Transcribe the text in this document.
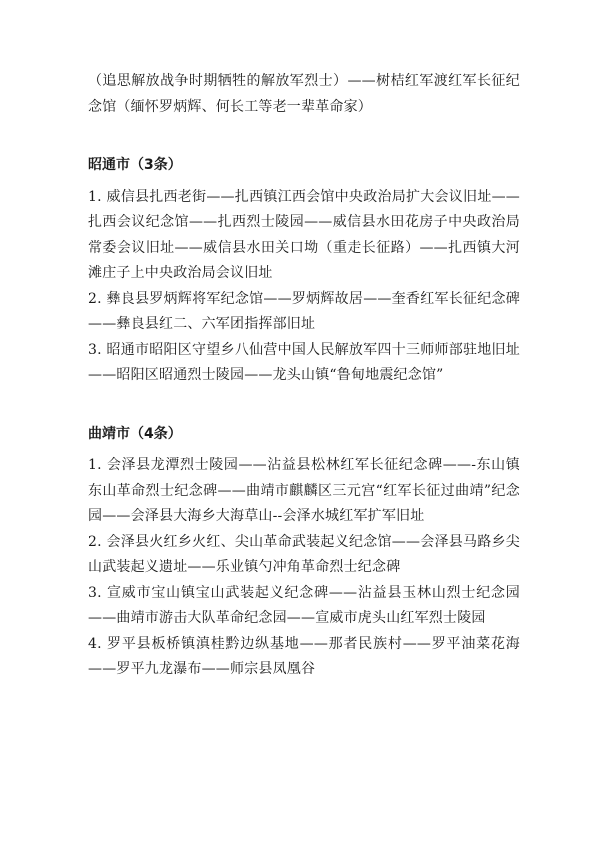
（追思解放战争时期牺牲的解放军烈士）——树桔红军渡红军长征纪念馆（缅怀罗炳辉、何长工等老一辈革命家）

昭通市（3条）

1. 威信县扎西老街——扎西镇江西会馆中央政治局扩大会议旧址——扎西会议纪念馆——扎西烈士陵园——威信县水田花房子中央政治局常委会议旧址——威信县水田关口坳（重走长征路）——扎西镇大河滩庄子上中央政治局会议旧址

2. 彝良县罗炳辉将军纪念馆——罗炳辉故居——奎香红军长征纪念碑——彝良县红二、六军团指挥部旧址

3. 昭通市昭阳区守望乡八仙营中国人民解放军四十三师师部驻地旧址——昭阳区昭通烈士陵园——龙头山镇“鲁甸地震纪念馆”

曲靖市（4条）

1. 会泽县龙潭烈士陵园——沾益县松林红军长征纪念碑——-东山镇东山革命烈士纪念碑——曲靖市麒麟区三元宫“红军长征过曲靖”纪念园——会泽县大海乡大海草山--会泽水城红军扩军旧址

2. 会泽县火红乡火红、尖山革命武装起义纪念馆——会泽县马路乡尖山武装起义遗址——乐业镇勺冲角革命烈士纪念碑

3. 宣威市宝山镇宝山武装起义纪念碑——沾益县玉林山烈士纪念园——曲靖市游击大队革命纪念园——宣威市虎头山红军烈士陵园

4. 罗平县板桥镇滇桂黔边纵基地——那者民族村——罗平油菜花海——罗平九龙瀑布——师宗县凤凰谷
